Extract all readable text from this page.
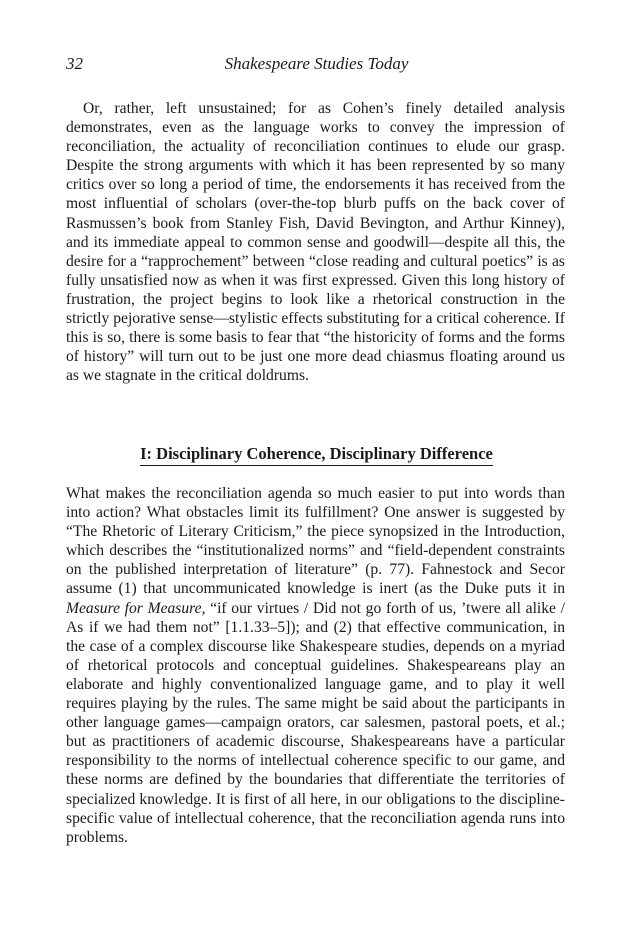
32	Shakespeare Studies Today

Or, rather, left unsustained; for as Cohen’s finely detailed analysis demonstrates, even as the language works to convey the impression of reconciliation, the actuality of reconciliation continues to elude our grasp. Despite the strong arguments with which it has been represented by so many critics over so long a period of time, the endorsements it has received from the most influential of scholars (over-the-top blurb puffs on the back cover of Rasmussen’s book from Stanley Fish, David Bevington, and Arthur Kinney), and its immediate appeal to common sense and goodwill—despite all this, the desire for a “rapprochement” between “close reading and cultural poetics” is as fully unsatisfied now as when it was first expressed. Given this long history of frustration, the project begins to look like a rhetorical construction in the strictly pejorative sense—stylistic effects substituting for a critical coherence. If this is so, there is some basis to fear that “the historicity of forms and the forms of history” will turn out to be just one more dead chiasmus floating around us as we stagnate in the critical doldrums.

I: Disciplinary Coherence, Disciplinary Difference

What makes the reconciliation agenda so much easier to put into words than into action? What obstacles limit its fulfillment? One answer is suggested by “The Rhetoric of Literary Criticism,” the piece synopsized in the Introduction, which describes the “institutionalized norms” and “field-dependent constraints on the published interpretation of literature” (p. 77). Fahnestock and Secor assume (1) that uncommunicated knowledge is inert (as the Duke puts it in Measure for Measure, “if our virtues / Did not go forth of us, ’twere all alike / As if we had them not” [1.1.33–5]); and (2) that effective communication, in the case of a complex discourse like Shakespeare studies, depends on a myriad of rhetorical protocols and conceptual guidelines. Shakespeareans play an elaborate and highly conventionalized language game, and to play it well requires playing by the rules. The same might be said about the participants in other language games—campaign orators, car salesmen, pastoral poets, et al.; but as practitioners of academic discourse, Shakespeareans have a particular responsibility to the norms of intellectual coherence specific to our game, and these norms are defined by the boundaries that differentiate the territories of specialized knowledge. It is first of all here, in our obligations to the discipline-specific value of intellectual coherence, that the reconciliation agenda runs into problems.
